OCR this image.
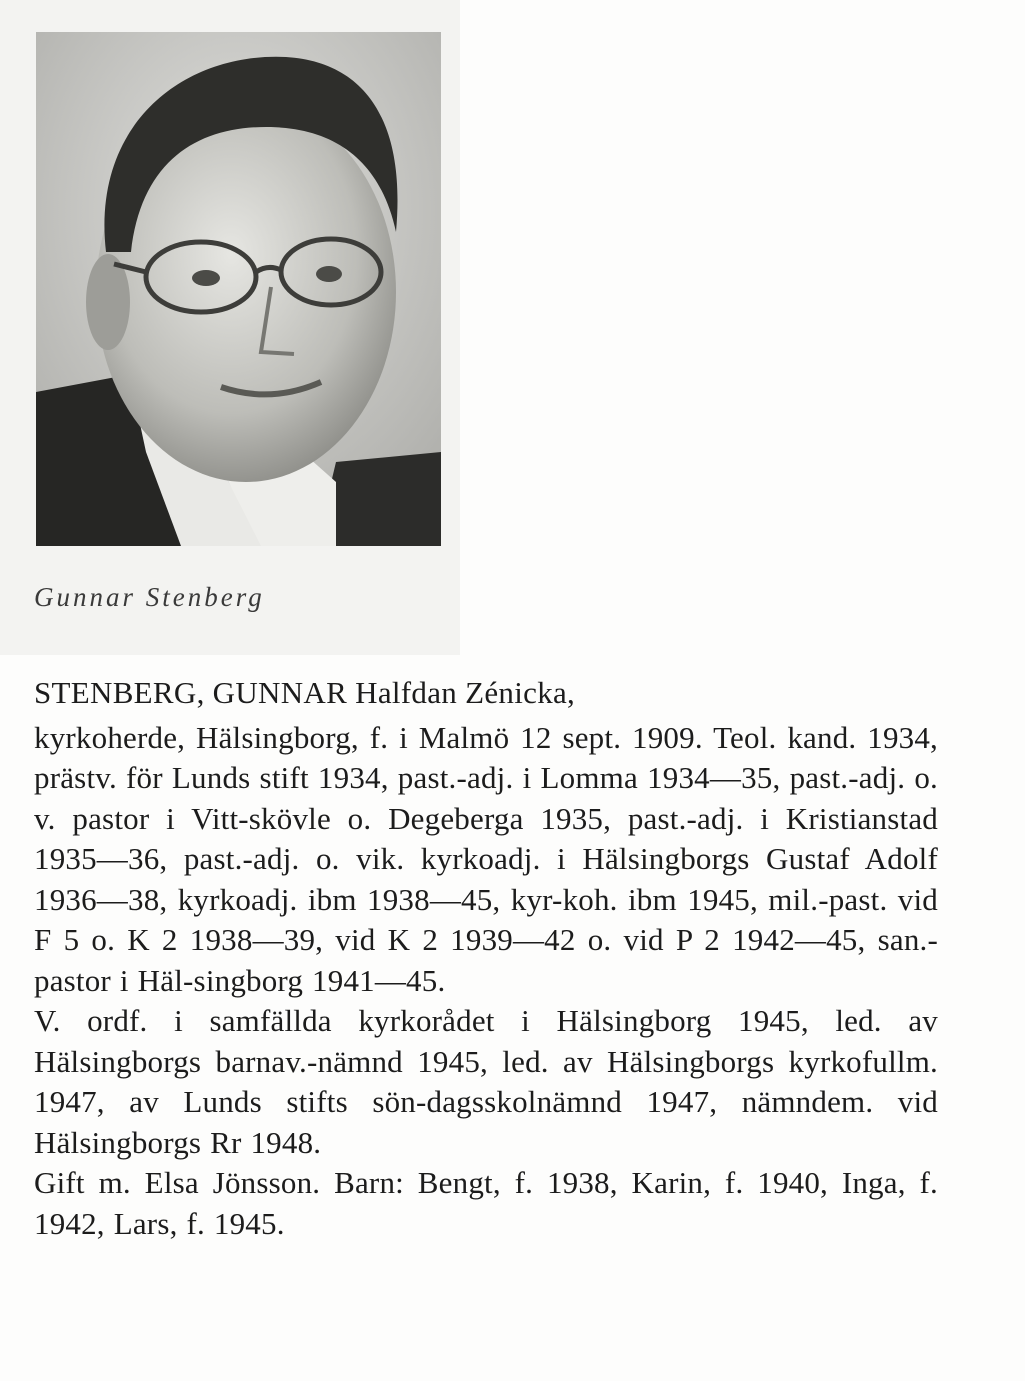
Gunnar Stenberg
STENBERG, GUNNAR Halfdan Zénicka,
kyrkoherde, Hälsingborg, f. i Malmö 12 sept. 1909. Teol. kand. 1934, prästv. för Lunds stift 1934, past.-adj. i Lomma 1934—35, past.-adj. o. v. pastor i Vitt-skövle o. Degeberga 1935, past.-adj. i Kristianstad 1935—36, past.-adj. o. vik. kyrkoadj. i Hälsingborgs Gustaf Adolf 1936—38, kyrkoadj. ibm 1938—45, kyr-koh. ibm 1945, mil.-past. vid F 5 o. K 2 1938—39, vid K 2 1939—42 o. vid P 2 1942—45, san.-pastor i Häl-singborg 1941—45.
V. ordf. i samfällda kyrkorådet i Hälsingborg 1945, led. av Hälsingborgs barnav.-nämnd 1945, led. av Hälsingborgs kyrkofullm. 1947, av Lunds stifts sön-dagsskolnämnd 1947, nämndem. vid Hälsingborgs Rr 1948.
Gift m. Elsa Jönsson. Barn: Bengt, f. 1938, Karin, f. 1940, Inga, f. 1942, Lars, f. 1945.
